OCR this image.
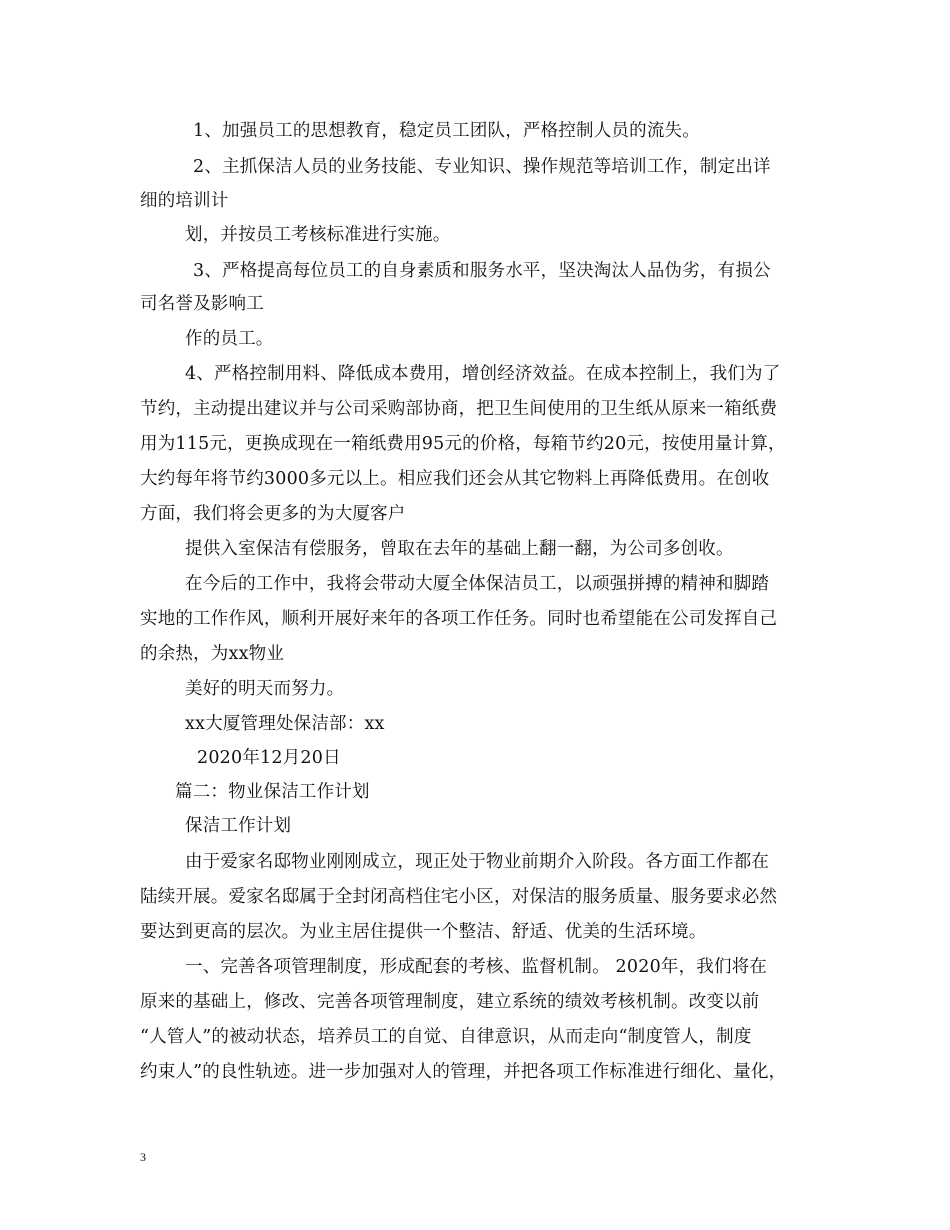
1、加强员工的思想教育，稳定员工团队，严格控制人员的流失。
2、主抓保洁人员的业务技能、专业知识、操作规范等培训工作，制定出详
细的培训计
划，并按员工考核标准进行实施。
3、严格提高每位员工的自身素质和服务水平，坚决淘汰人品伪劣，有损公
司名誉及影响工
作的员工。
4、严格控制用料、降低成本费用，增创经济效益。在成本控制上，我们为了
节约，主动提出建议并与公司采购部协商，把卫生间使用的卫生纸从原来一箱纸费
用为115元，更换成现在一箱纸费用95元的价格，每箱节约20元，按使用量计算，
大约每年将节约3000多元以上。相应我们还会从其它物料上再降低费用。在创收
方面，我们将会更多的为大厦客户
提供入室保洁有偿服务，曾取在去年的基础上翻一翻，为公司多创收。
在今后的工作中，我将会带动大厦全体保洁员工，以顽强拼搏的精神和脚踏
实地的工作作风，顺利开展好来年的各项工作任务。同时也希望能在公司发挥自己
的余热，为xx物业
美好的明天而努力。
xx大厦管理处保洁部：xx
2020年12月20日
篇二：物业保洁工作计划
保洁工作计划
由于爱家名邸物业刚刚成立，现正处于物业前期介入阶段。各方面工作都在
陆续开展。爱家名邸属于全封闭高档住宅小区，对保洁的服务质量、服务要求必然
要达到更高的层次。为业主居住提供一个整洁、舒适、优美的生活环境。
一、完善各项管理制度，形成配套的考核、监督机制。 2020年，我们将在
原来的基础上，修改、完善各项管理制度，建立系统的绩效考核机制。改变以前
“人管人”的被动状态，培养员工的自觉、自律意识，从而走向“制度管人，制度
约束人”的良性轨迹。进一步加强对人的管理，并把各项工作标准进行细化、量化，
3
